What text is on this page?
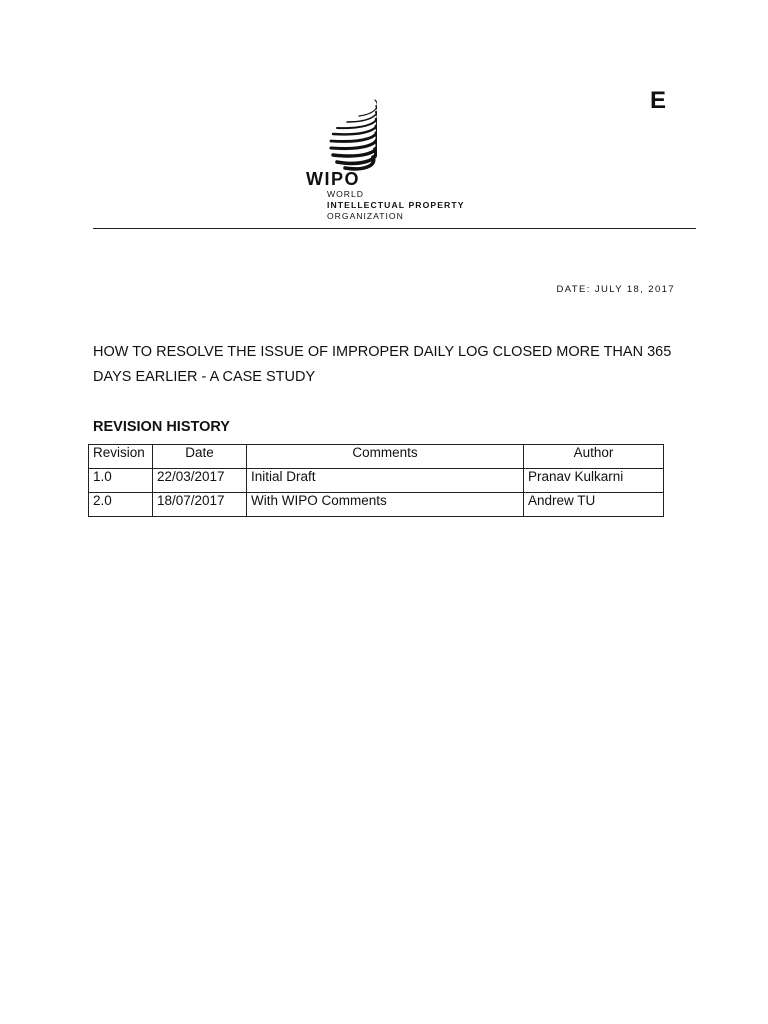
E
WIPO
WORLD
INTELLECTUAL PROPERTY
ORGANIZATION
DATE: JULY 18, 2017
HOW TO RESOLVE THE ISSUE OF IMPROPER DAILY LOG CLOSED MORE THAN 365 DAYS EARLIER - A CASE STUDY
REVISION HISTORY
Revision	Date	Comments	Author
1.0	22/03/2017	Initial Draft	Pranav Kulkarni
2.0	18/07/2017	With WIPO Comments	Andrew TU
